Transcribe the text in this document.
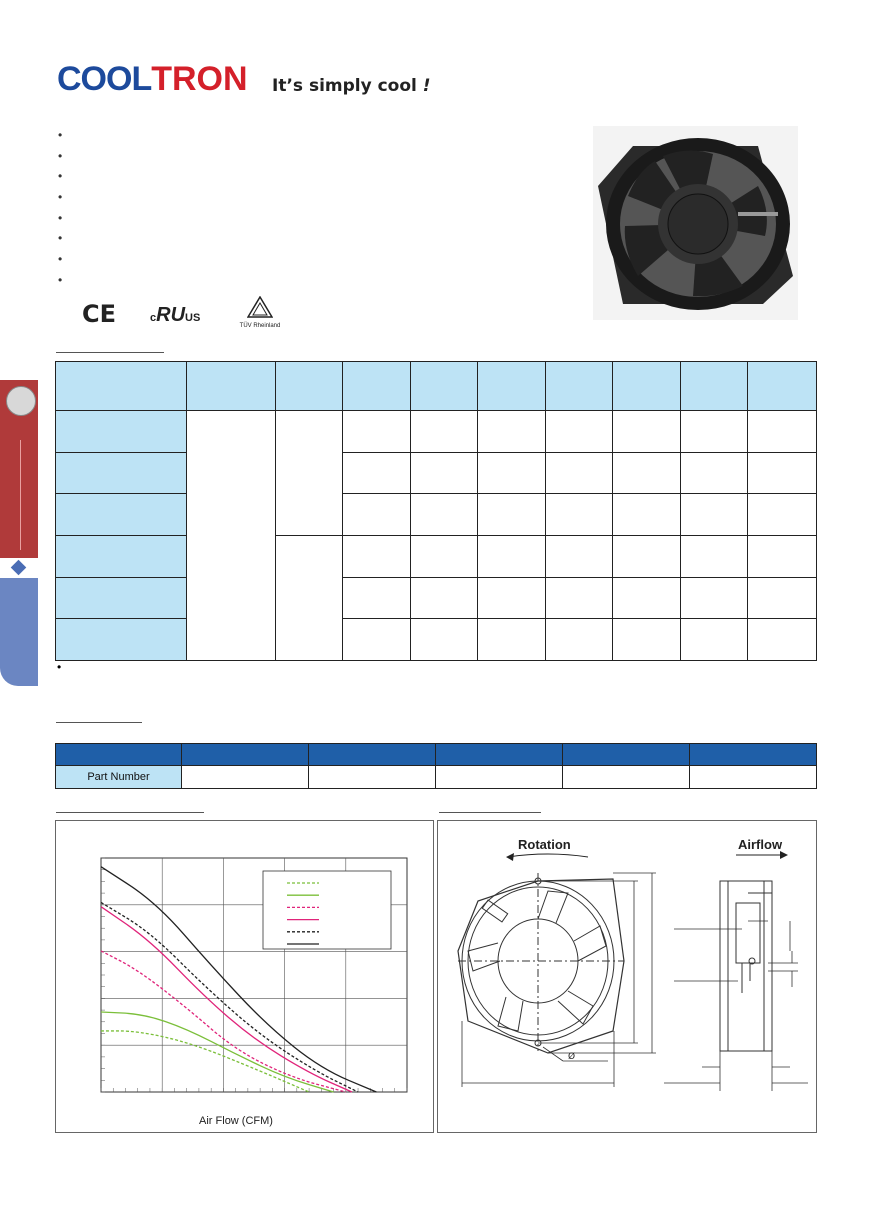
COOL TRON It’s simply cool !
•
•
•
•
•
•
•
•
CE	cRUUS
TÜV Rheinland

•

Part Number					
Air Flow (CFM)
Rotation	Airflow
Ø
